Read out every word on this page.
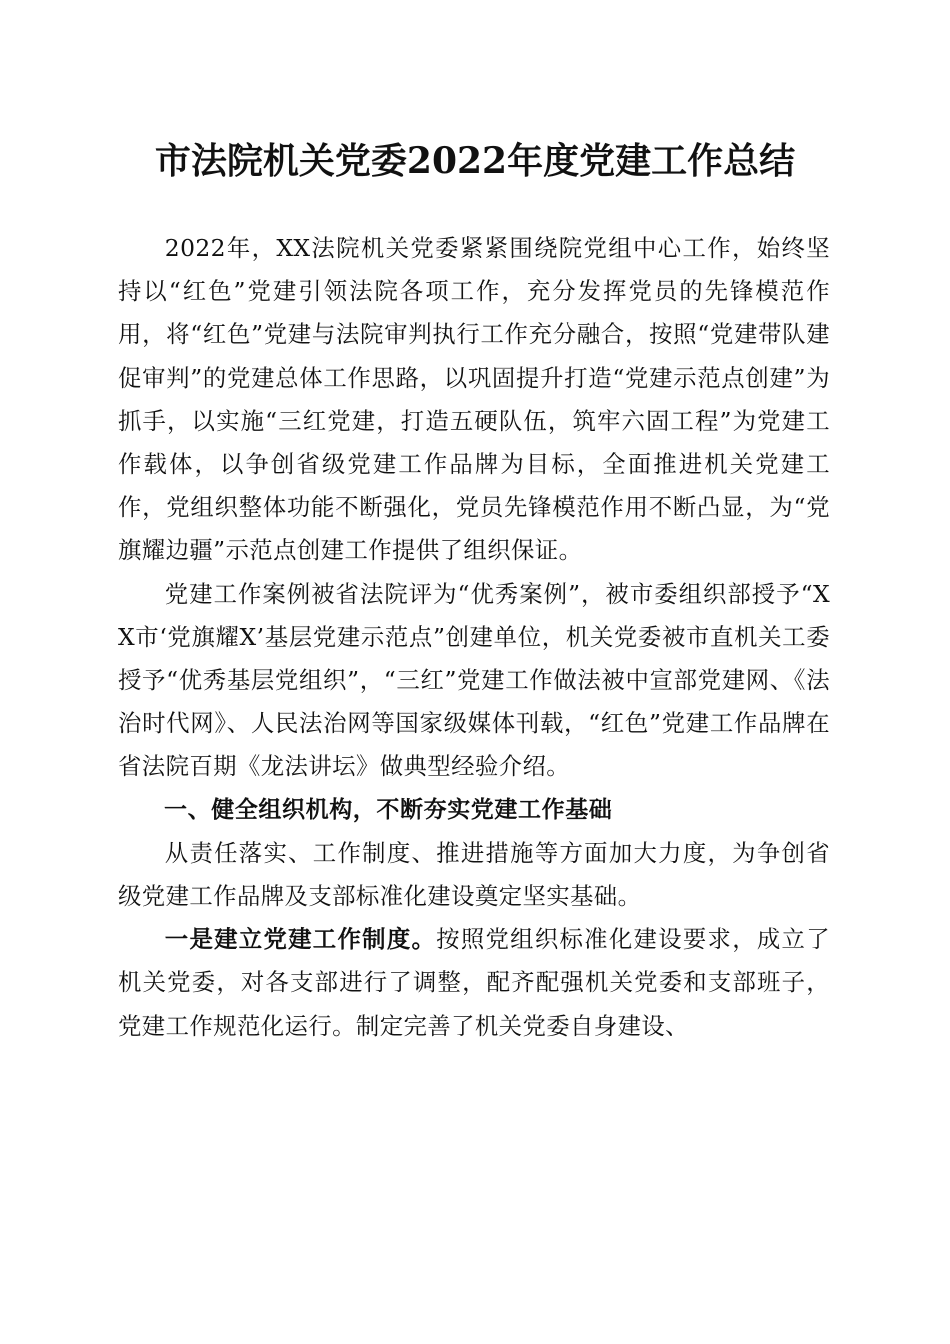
市法院机关党委2022年度党建工作总结

2022年，XX法院机关党委紧紧围绕院党组中心工作，始终坚持以“红色”党建引领法院各项工作，充分发挥党员的先锋模范作用，将“红色”党建与法院审判执行工作充分融合，按照“党建带队建促审判”的党建总体工作思路，以巩固提升打造“党建示范点创建”为抓手，以实施“三红党建，打造五硬队伍，筑牢六固工程”为党建工作载体，以争创省级党建工作品牌为目标，全面推进机关党建工作，党组织整体功能不断强化，党员先锋模范作用不断凸显，为“党旗耀边疆”示范点创建工作提供了组织保证。

党建工作案例被省法院评为“优秀案例”，被市委组织部授予“XX市‘党旗耀X’基层党建示范点”创建单位，机关党委被市直机关工委授予“优秀基层党组织”，“三红”党建工作做法被中宣部党建网、《法治时代网》、人民法治网等国家级媒体刊载，“红色”党建工作品牌在省法院百期《龙法讲坛》做典型经验介绍。

一、健全组织机构，不断夯实党建工作基础

从责任落实、工作制度、推进措施等方面加大力度，为争创省级党建工作品牌及支部标准化建设奠定坚实基础。

一是建立党建工作制度。按照党组织标准化建设要求，成立了机关党委，对各支部进行了调整，配齐配强机关党委和支部班子，党建工作规范化运行。制定完善了机关党委自身建设、
